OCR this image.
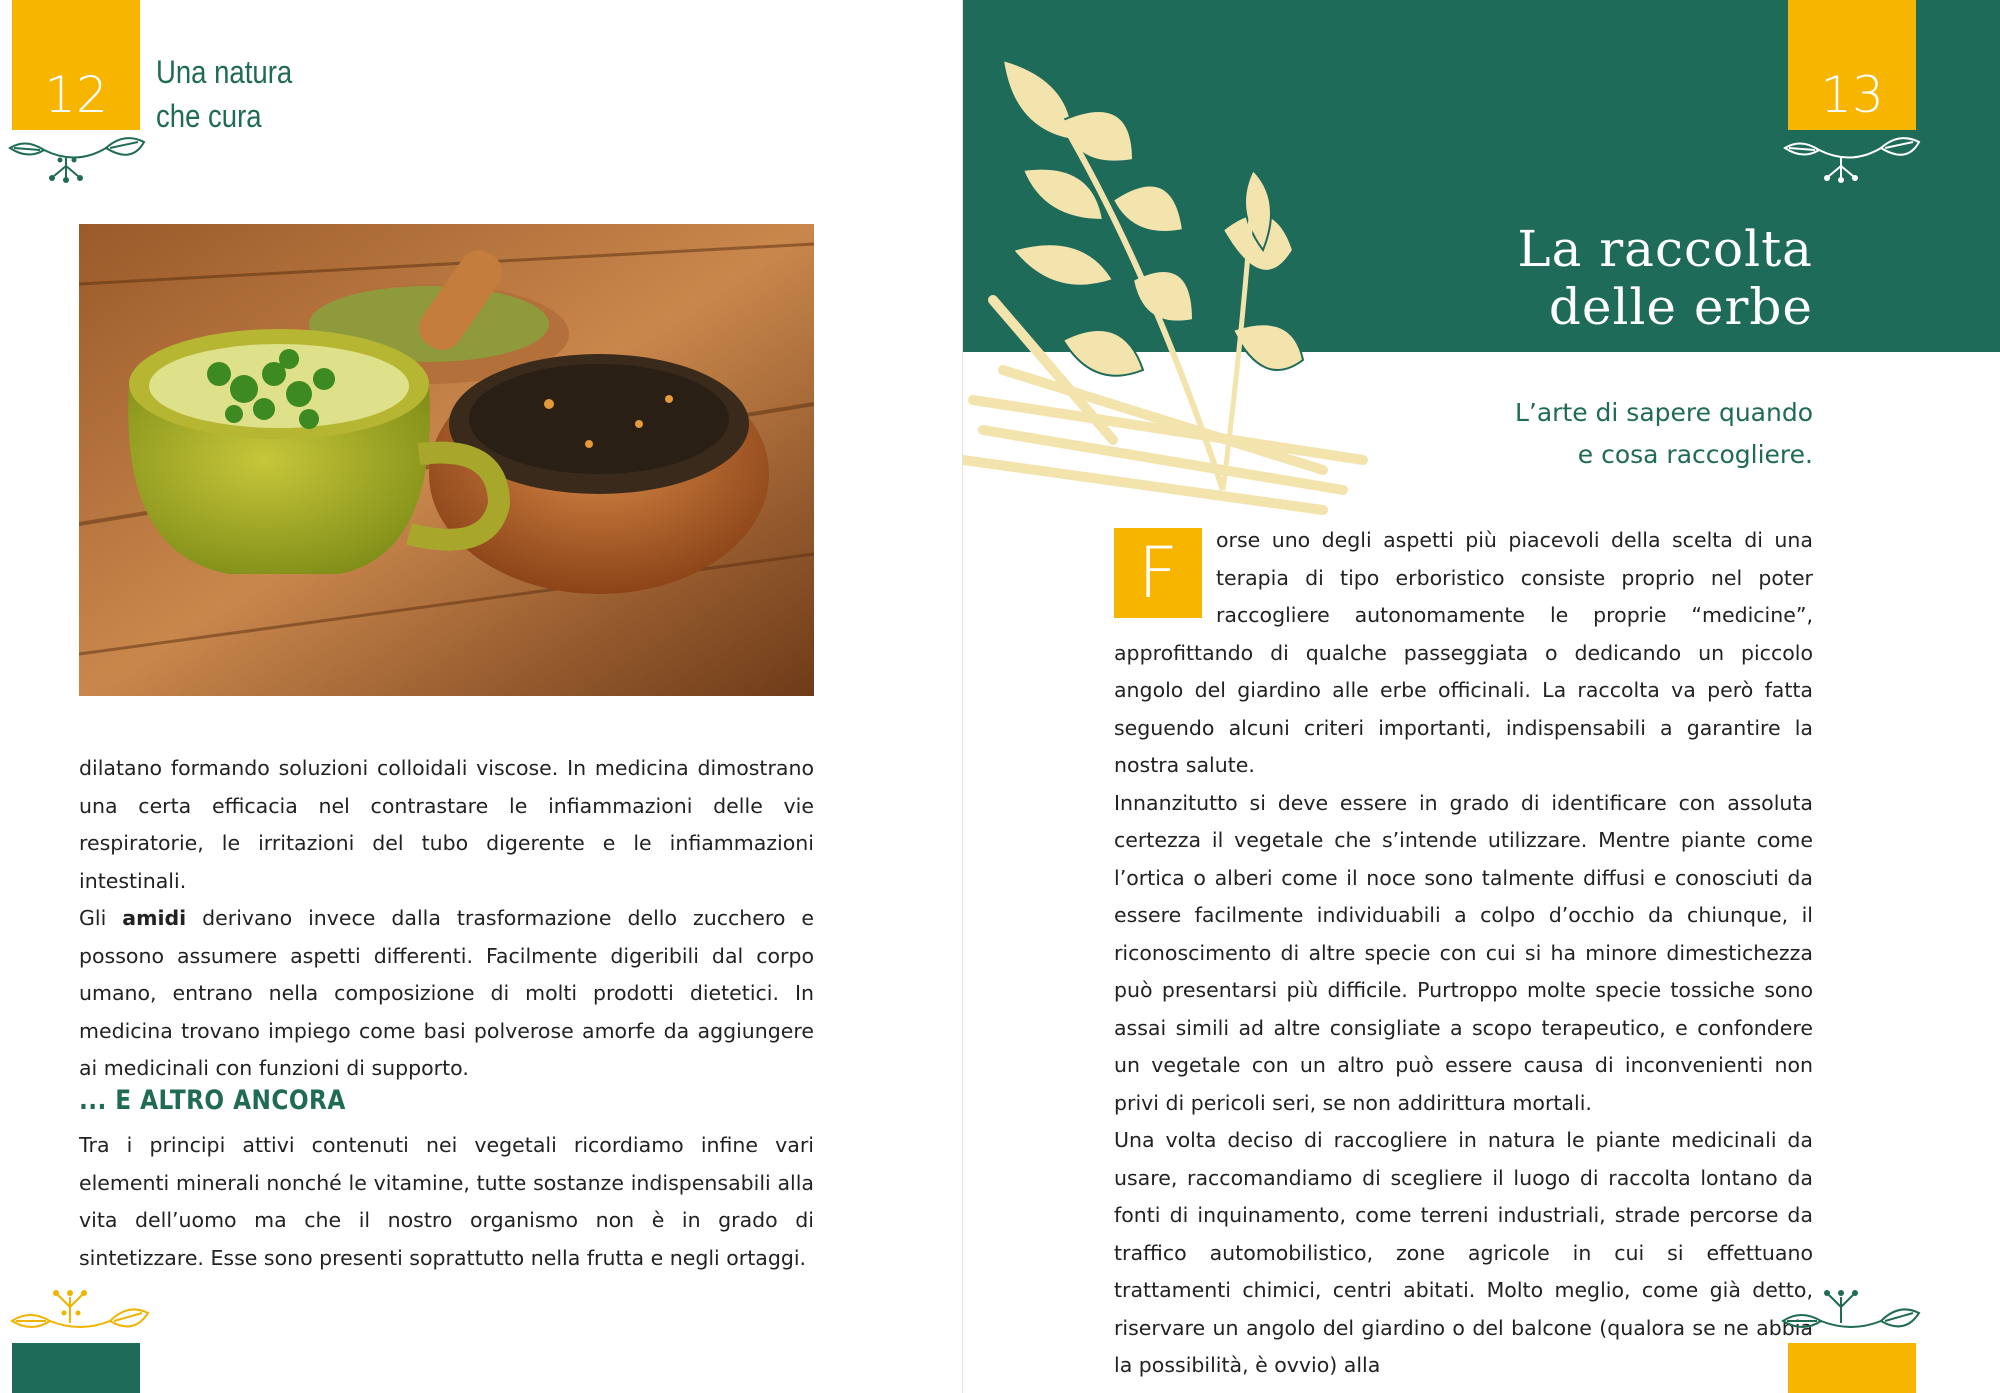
12	Una natura
che cura

dilatano formando soluzioni colloidali viscose. In medicina dimostrano una certa efficacia nel contrastare le infiammazioni delle vie respiratorie, le irritazioni del tubo digerente e le infiammazioni intestinali.

Gli amidi derivano invece dalla trasformazione dello zucchero e possono assumere aspetti differenti. Facilmente digeribili dal corpo umano, entrano nella composizione di molti prodotti dietetici. In medicina trovano impiego come basi polverose amorfe da aggiungere ai medicinali con funzioni di supporto.

... E ALTRO ANCORA

Tra i principi attivi contenuti nei vegetali ricordiamo infine vari elementi minerali nonché le vitamine, tutte sostanze indispensabili alla vita dell’uomo ma che il nostro organismo non è in grado di sintetizzare. Esse sono presenti soprattutto nella frutta e negli ortaggi.

13
La raccolta
delle erbe
L’arte di sapere quando
e cosa raccogliere.
F	orse uno degli aspetti più piacevoli della scelta di una terapia di tipo erboristico consiste proprio nel poter raccogliere autonomamente le proprie “medicine”, approfittando di qualche passeggiata o dedicando un piccolo angolo del giardino alle erbe officinali. La raccolta va però fatta seguendo alcuni criteri importanti, indispensabili a garantire la nostra salute.

Innanzitutto si deve essere in grado di identificare con assoluta certezza il vegetale che s’intende utilizzare. Mentre piante come l’ortica o alberi come il noce sono talmente diffusi e conosciuti da essere facilmente individuabili a colpo d’occhio da chiunque, il riconoscimento di altre specie con cui si ha minore dimestichezza può presentarsi più difficile. Purtroppo molte specie tossiche sono assai simili ad altre consigliate a scopo terapeutico, e confondere un vegetale con un altro può essere causa di inconvenienti non privi di pericoli seri, se non addirittura mortali.

Una volta deciso di raccogliere in natura le piante medicinali da usare, raccomandiamo di scegliere il luogo di raccolta lontano da fonti di inquinamento, come terreni industriali, strade percorse da traffico automobilistico, zone agricole in cui si effettuano trattamenti chimici, centri abitati. Molto meglio, come già detto, riservare un angolo del giardino o del balcone (qualora se ne abbia la possibilità, è ovvio) alla
